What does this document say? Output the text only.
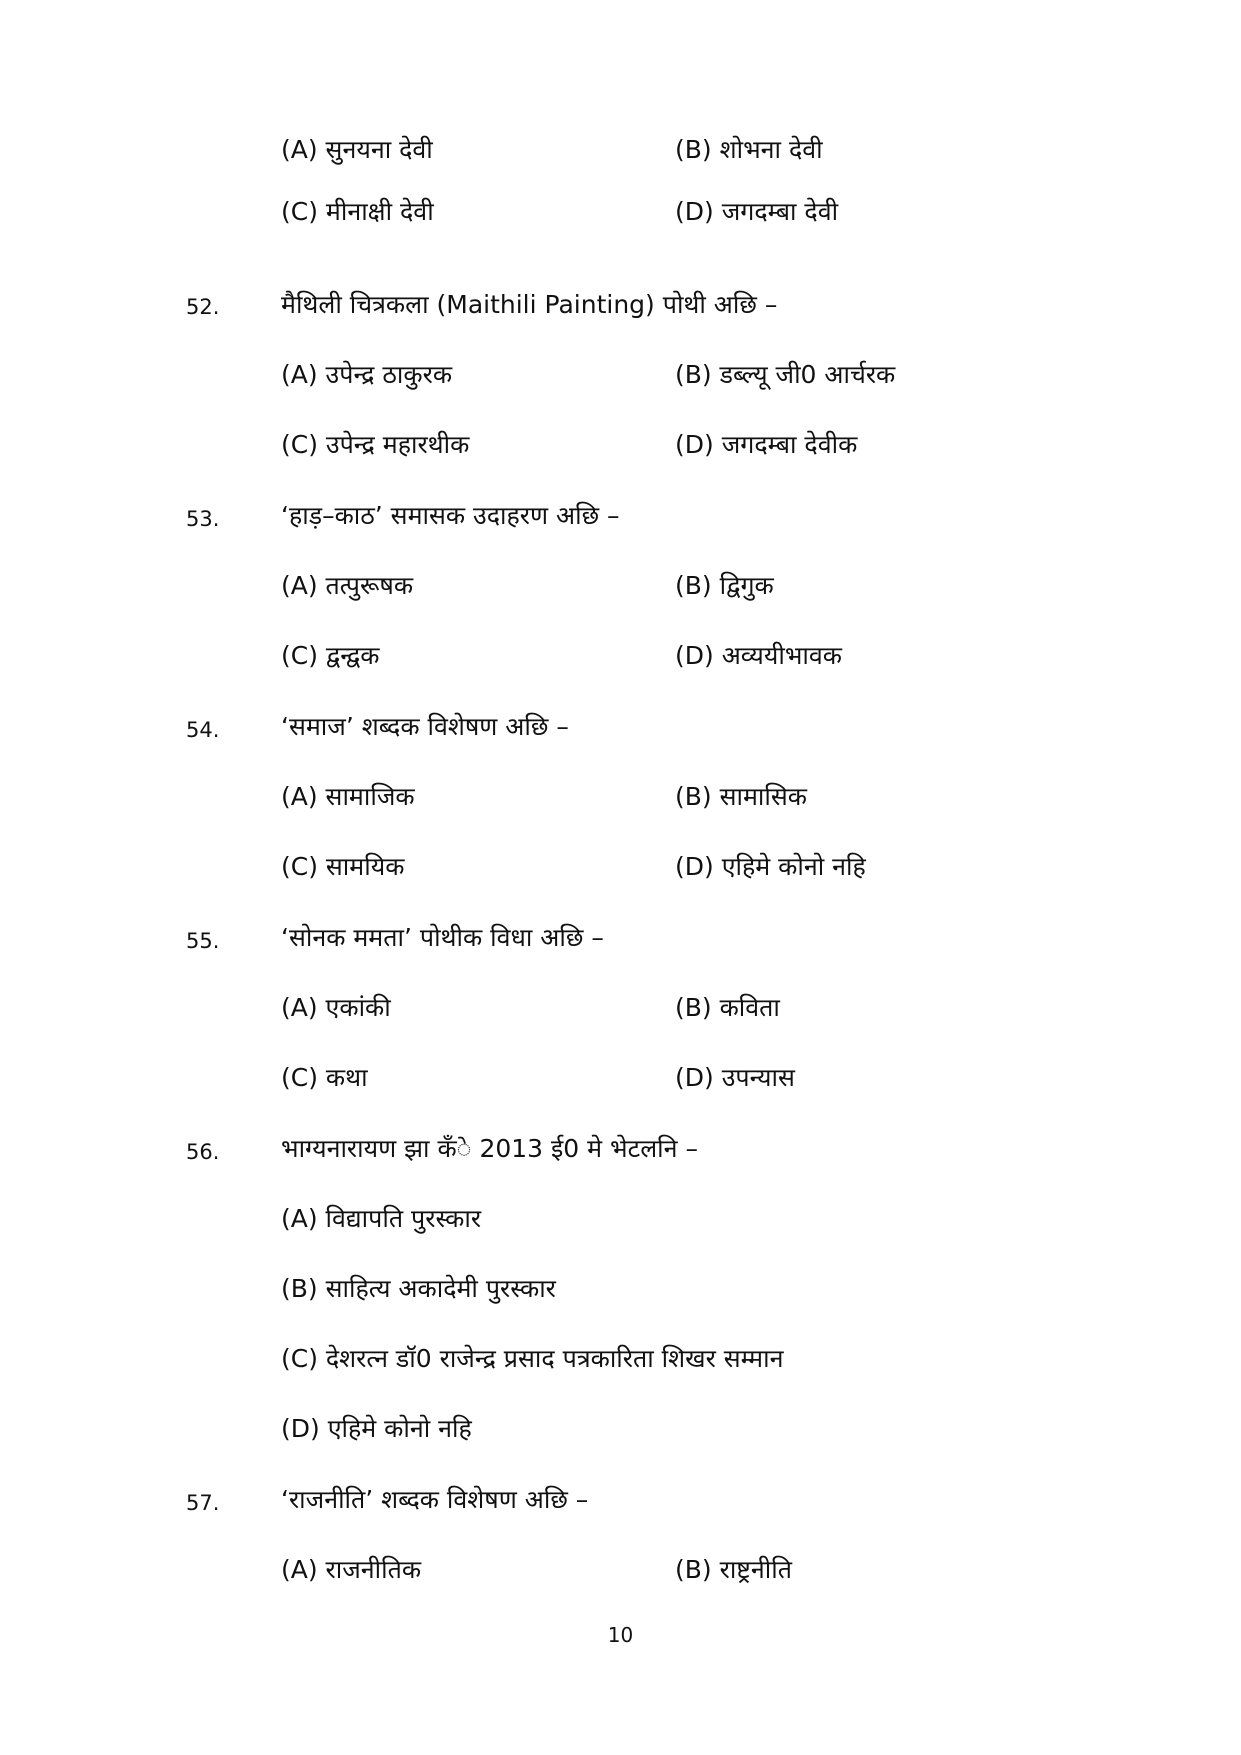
(A) सुनयना देवी	(B) शोभना देवी
(C) मीनाक्षी देवी	(D) जगदम्बा देवी
52. मैथिली चित्रकला (Maithili Painting) पोथी अछि –
(A) उपेन्द्र ठाकुरक	(B) डब्ल्यू जी0 आर्चरक
(C) उपेन्द्र महारथीक	(D) जगदम्बा देवीक
53. ‘हाड़–काठ’ समासक उदाहरण अछि –
(A) तत्पुरूषक	(B) द्विगुक
(C) द्वन्द्वक	(D) अव्ययीभावक
54. ‘समाज’ शब्दक विशेषण अछि –
(A) सामाजिक	(B) सामासिक
(C) सामयिक	(D) एहिमे कोनो नहि
55. ‘सोनक ममता’ पोथीक विधा अछि –
(A) एकांकी	(B) कविता
(C) कथा	(D) उपन्यास
56. भाग्यनारायण झा कँे 2013 ई0 मे भेटलनि –
(A) विद्यापति पुरस्कार
(B) साहित्य अकादेमी पुरस्कार
(C) देशरत्न डॉ0 राजेन्द्र प्रसाद पत्रकारिता शिखर सम्मान
(D) एहिमे कोनो नहि
57. ‘राजनीति’ शब्दक विशेषण अछि –
(A) राजनीतिक	(B) राष्ट्रनीति
10
